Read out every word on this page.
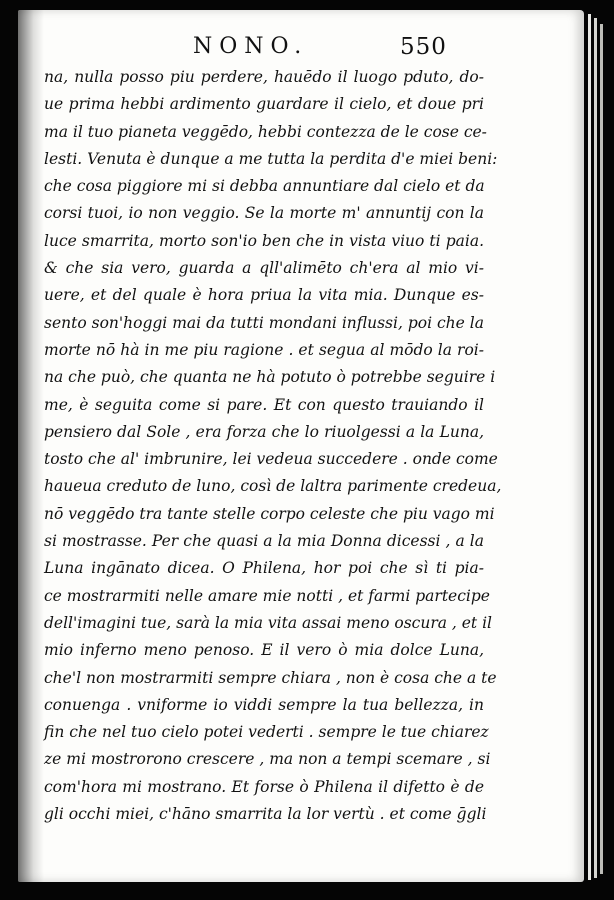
NONO.	550
na, nulla posso piu perdere, hauēdo il luogo pduto, do-
ue prima hebbi ardimento guardare il cielo, et doue pri
ma il tuo pianeta veggēdo, hebbi contezza de le cose ce-
lesti. Venuta è dunque a me tutta la perdita d'e miei beni:
che cosa piggiore mi si debba annuntiare dal cielo et da
corsi tuoi, io non veggio. Se la morte m' annuntij con la
luce smarrita, morto son'io ben che in vista viuo ti paia.
& che sia vero, guarda a qll'alimēto ch'era al mio vi-
uere, et del quale è hora priua la vita mia. Dunque es-
sento son'hoggi mai da tutti mondani influssi, poi che la
morte nō hà in me piu ragione . et segua al mōdo la roi-
na che può, che quanta ne hà potuto ò potrebbe seguire i
me, è seguita come si pare. Et con questo trauiando il
pensiero dal Sole , era forza che lo riuolgessi a la Luna,
tosto che al' imbrunire, lei vedeua succedere . onde come
haueua creduto de luno, così de laltra parimente credeua,
nō veggēdo tra tante stelle corpo celeste che piu vago mi
si mostrasse. Per che quasi a la mia Donna dicessi , a la
Luna ingānato dicea. O Philena, hor poi che sì ti pia-
ce mostrarmiti nelle amare mie notti , et farmi partecipe
dell'imagini tue, sarà la mia vita assai meno oscura , et il
mio inferno meno penoso. E il vero ò mia dolce Luna,
che'l non mostrarmiti sempre chiara , non è cosa che a te
conuenga . vniforme io viddi sempre la tua bellezza, in
fin che nel tuo cielo potei vederti . sempre le tue chiarez
ze mi mostrorono crescere , ma non a tempi scemare , si
com'hora mi mostrano. Et forse ò Philena il difetto è de
gli occhi miei, c'hāno smarrita la lor vertù . et come ḡgli
